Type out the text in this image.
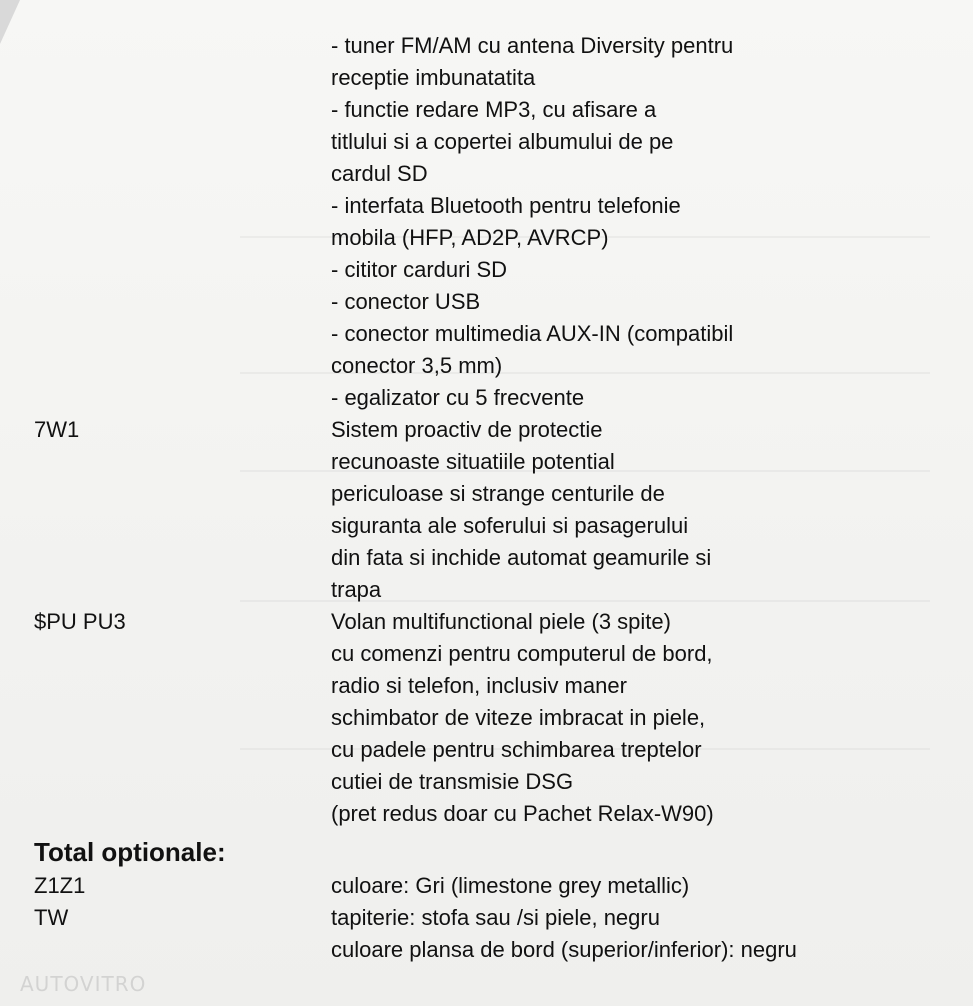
- tuner FM/AM cu antena Diversity pentru
receptie imbunatatita
- functie redare MP3, cu afisare a
titlului si a copertei albumului de pe
cardul SD
- interfata Bluetooth pentru telefonie
mobila (HFP, AD2P, AVRCP)
- cititor carduri SD
- conector USB
- conector multimedia AUX-IN (compatibil
conector 3,5 mm)
- egalizator cu 5 frecvente
7W1	Sistem proactiv de protectie
recunoaste situatiile potential
periculoase si strange centurile de
siguranta ale soferului si pasagerului
din fata si inchide automat geamurile si
trapa
$PU PU3	Volan multifunctional piele (3 spite)
cu comenzi pentru computerul de bord,
radio si telefon, inclusiv maner
schimbator de viteze imbracat in piele,
cu padele pentru schimbarea treptelor
cutiei de transmisie DSG
(pret redus doar cu Pachet Relax-W90)
Total optionale:
Z1Z1	culoare: Gri (limestone grey metallic)
TW	tapiterie: stofa sau /si piele, negru
culoare plansa de bord (superior/inferior): negru
AUTOVITRO
